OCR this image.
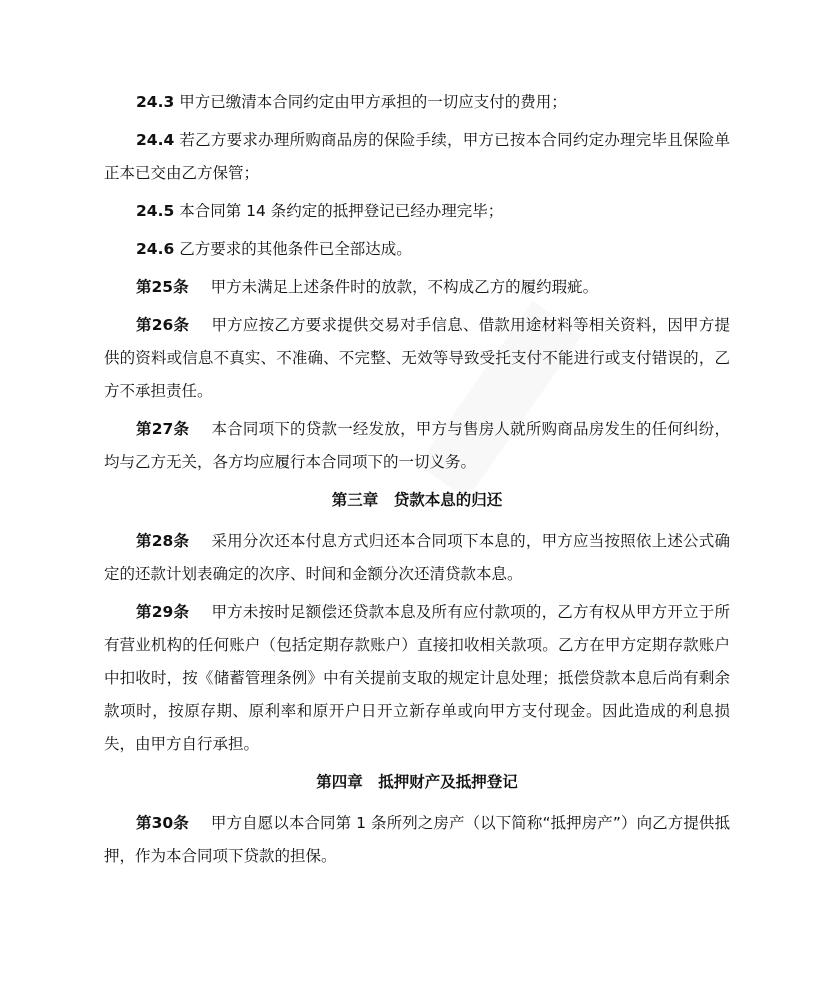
24.3 甲方已缴清本合同约定由甲方承担的一切应支付的费用；

24.4 若乙方要求办理所购商品房的保险手续，甲方已按本合同约定办理完毕且保险单正本已交由乙方保管；

24.5 本合同第 14 条约定的抵押登记已经办理完毕；

24.6 乙方要求的其他条件已全部达成。

第25条 甲方未满足上述条件时的放款，不构成乙方的履约瑕疵。

第26条 甲方应按乙方要求提供交易对手信息、借款用途材料等相关资料，因甲方提供的资料或信息不真实、不准确、不完整、无效等导致受托支付不能进行或支付错误的，乙方不承担责任。

第27条 本合同项下的贷款一经发放，甲方与售房人就所购商品房发生的任何纠纷，均与乙方无关，各方均应履行本合同项下的一切义务。

第三章　贷款本息的归还

第28条 采用分次还本付息方式归还本合同项下本息的，甲方应当按照依上述公式确定的还款计划表确定的次序、时间和金额分次还清贷款本息。

第29条 甲方未按时足额偿还贷款本息及所有应付款项的，乙方有权从甲方开立于所有营业机构的任何账户（包括定期存款账户）直接扣收相关款项。乙方在甲方定期存款账户中扣收时，按《储蓄管理条例》中有关提前支取的规定计息处理；抵偿贷款本息后尚有剩余款项时，按原存期、原利率和原开户日开立新存单或向甲方支付现金。因此造成的利息损失，由甲方自行承担。

第四章　抵押财产及抵押登记

第30条 甲方自愿以本合同第 1 条所列之房产（以下简称“抵押房产”）向乙方提供抵押，作为本合同项下贷款的担保。
